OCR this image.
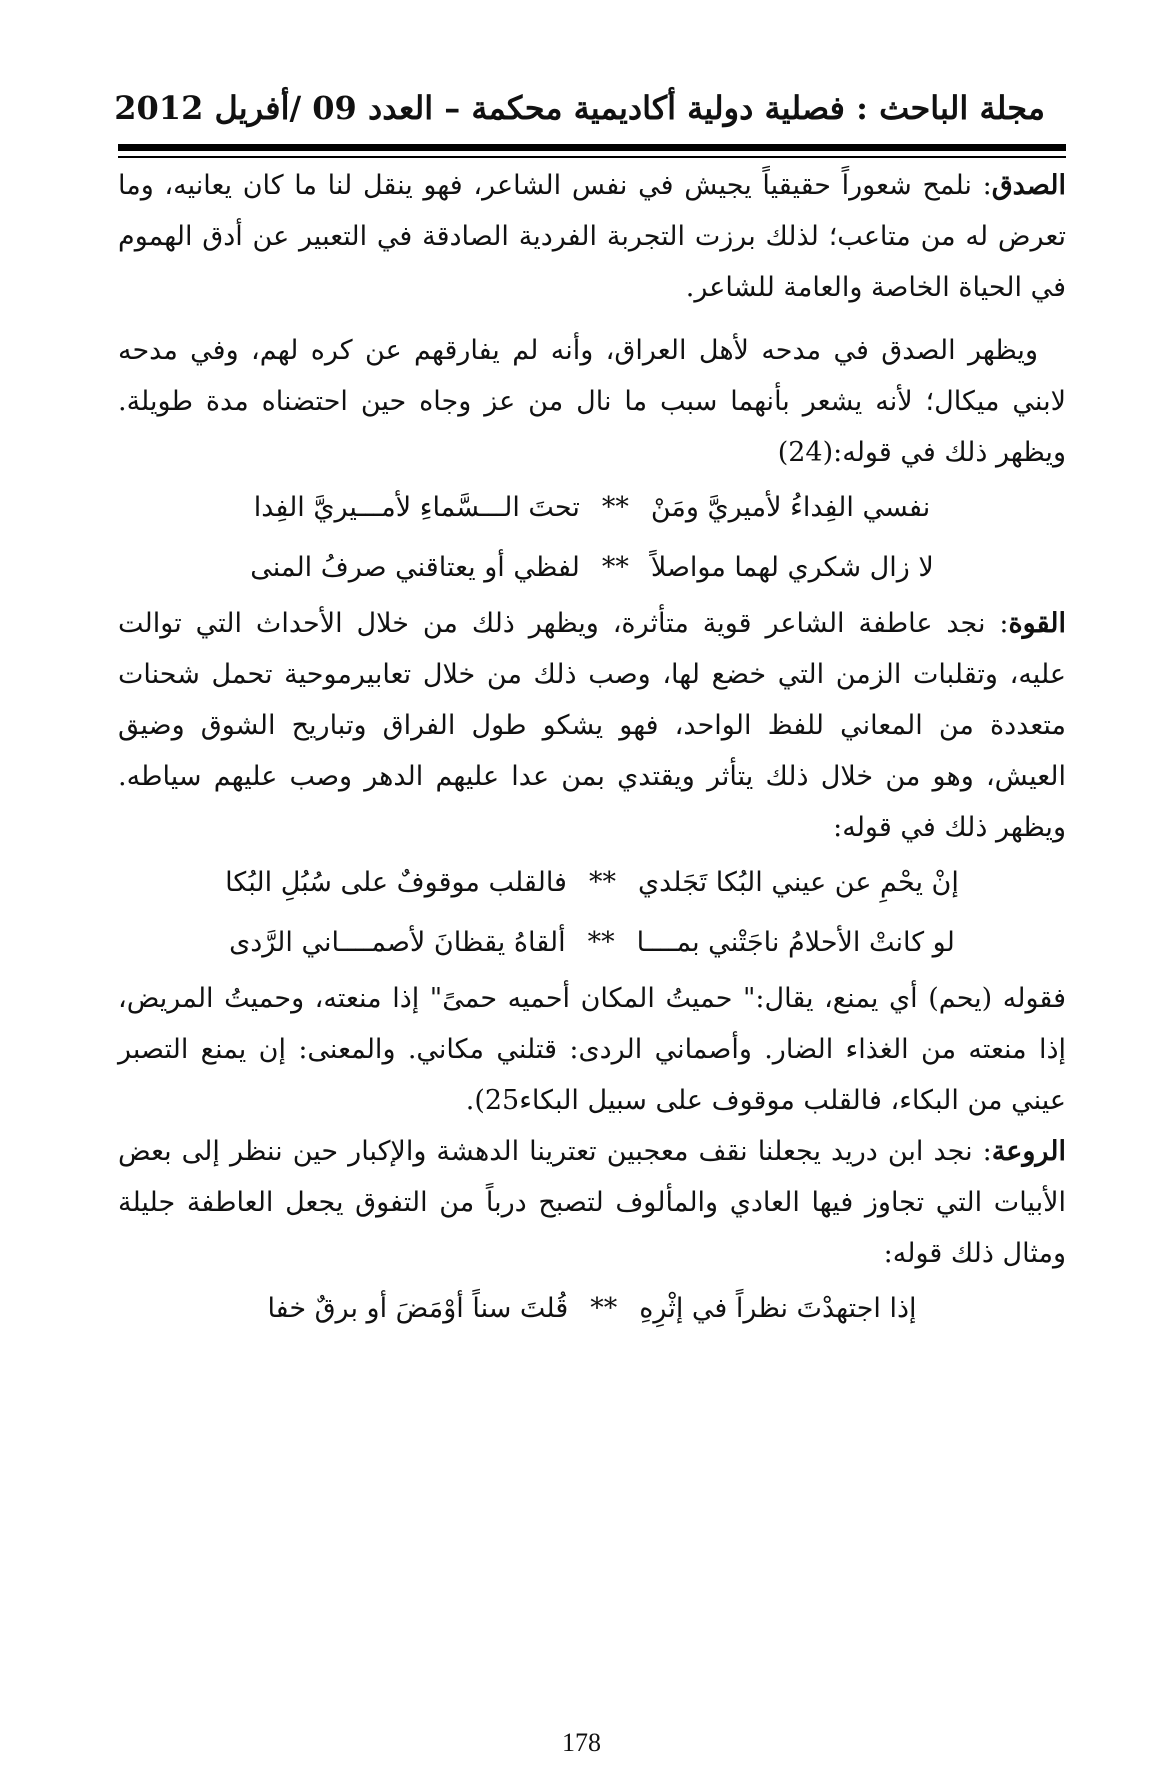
مجلة الباحث : فصلية دولية أكاديمية محكمة – العدد 09 /أفريل 2012

الصدق: نلمح شعوراً حقيقياً يجيش في نفس الشاعر، فهو ينقل لنا ما كان يعانيه، وما تعرض له من متاعب؛ لذلك برزت التجربة الفردية الصادقة في التعبير عن أدق الهموم في الحياة الخاصة والعامة للشاعر.

ويظهر الصدق في مدحه لأهل العراق، وأنه لم يفارقهم عن كره لهم، وفي مدحه لابني ميكال؛ لأنه يشعر بأنهما سبب ما نال من عز وجاه حين احتضناه مدة طويلة. ويظهر ذلك في قوله:(24)

نفسي الفِداءُ لأميريَّ ومَنْ**تحتَ الـــسَّماءِ لأمـــيريَّ الفِدا
لا زال شكري لهما مواصلاً**لفظي أو يعتاقني صرفُ المنى

القوة: نجد عاطفة الشاعر قوية متأثرة، ويظهر ذلك من خلال الأحداث التي توالت عليه، وتقلبات الزمن التي خضع لها، وصب ذلك من خلال تعابيرموحية تحمل شحنات متعددة من المعاني للفظ الواحد، فهو يشكو طول الفراق وتباريح الشوق وضيق العيش، وهو من خلال ذلك يتأثر ويقتدي بمن عدا عليهم الدهر وصب عليهم سياطه. ويظهر ذلك في قوله:

إنْ يحْمِ عن عيني البُكا تَجَلدي**فالقلب موقوفٌ على سُبُلِ البُكا
لو كانتْ الأحلامُ ناجَتْني بمــــا**ألقاهُ يقظانَ لأصمــــاني الرَّدى

فقوله (يحم) أي يمنع، يقال:" حميتُ المكان أحميه حمىً" إذا منعته، وحميتُ المريض، إذا منعته من الغذاء الضار. وأصماني الردى: قتلني مكاني. والمعنى: إن يمنع التصبر عيني من البكاء، فالقلب موقوف على سبيل البكاء25).

الروعة: نجد ابن دريد يجعلنا نقف معجبين تعترينا الدهشة والإكبار حين ننظر إلى بعض الأبيات التي تجاوز فيها العادي والمألوف لتصبح درباً من التفوق يجعل العاطفة جليلة ومثال ذلك قوله:

إذا اجتهدْتَ نظراً في إثْرِهِ**قُلتَ سناً أوْمَضَ أو برقٌ خفا
178
